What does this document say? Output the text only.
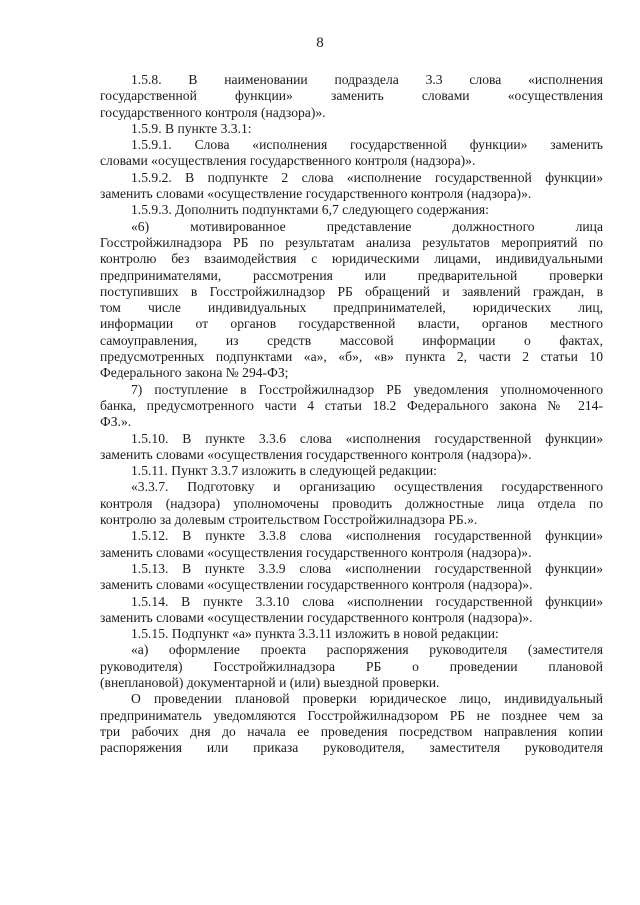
8
1.5.8. В наименовании подраздела 3.3 слова «исполнения
государственной функции» заменить словами «осуществления
государственного контроля (надзора)».
1.5.9. В пункте 3.3.1:
1.5.9.1. Слова «исполнения государственной функции» заменить
словами «осуществления государственного контроля (надзора)».
1.5.9.2. В подпункте 2 слова «исполнение государственной функции»
заменить словами «осуществление государственного контроля (надзора)».
1.5.9.3. Дополнить подпунктами 6,7 следующего содержания:
«6) мотивированное представление должностного лица
Госстройжилнадзора РБ по результатам анализа результатов мероприятий по
контролю без взаимодействия с юридическими лицами, индивидуальными
предпринимателями, рассмотрения или предварительной проверки
поступивших в Госстройжилнадзор РБ обращений и заявлений граждан, в
том числе индивидуальных предпринимателей, юридических лиц,
информации от органов государственной власти, органов местного
самоуправления, из средств массовой информации о фактах,
предусмотренных подпунктами «а», «б», «в» пункта 2, части 2 статьи 10
Федерального закона № 294-ФЗ;
7) поступление в Госстройжилнадзор РБ уведомления уполномоченного
банка, предусмотренного части 4 статьи 18.2 Федерального закона № 214-
ФЗ.».
1.5.10. В пункте 3.3.6 слова «исполнения государственной функции»
заменить словами «осуществления государственного контроля (надзора)».
1.5.11. Пункт 3.3.7 изложить в следующей редакции:
«3.3.7. Подготовку и организацию осуществления государственного
контроля (надзора) уполномочены проводить должностные лица отдела по
контролю за долевым строительством Госстройжилнадзора РБ.».
1.5.12. В пункте 3.3.8 слова «исполнения государственной функции»
заменить словами «осуществления государственного контроля (надзора)».
1.5.13. В пункте 3.3.9 слова «исполнении государственной функции»
заменить словами «осуществлении государственного контроля (надзора)».
1.5.14. В пункте 3.3.10 слова «исполнении государственной функции»
заменить словами «осуществлении государственного контроля (надзора)».
1.5.15. Подпункт «а» пункта 3.3.11 изложить в новой редакции:
«а) оформление проекта распоряжения руководителя (заместителя
руководителя) Госстройжилнадзора РБ о проведении плановой
(внеплановой) документарной и (или) выездной проверки.
О проведении плановой проверки юридическое лицо, индивидуальный
предприниматель уведомляются Госстройжилнадзором РБ не позднее чем за
три рабочих дня до начала ее проведения посредством направления копии
распоряжения или приказа руководителя, заместителя руководителя
